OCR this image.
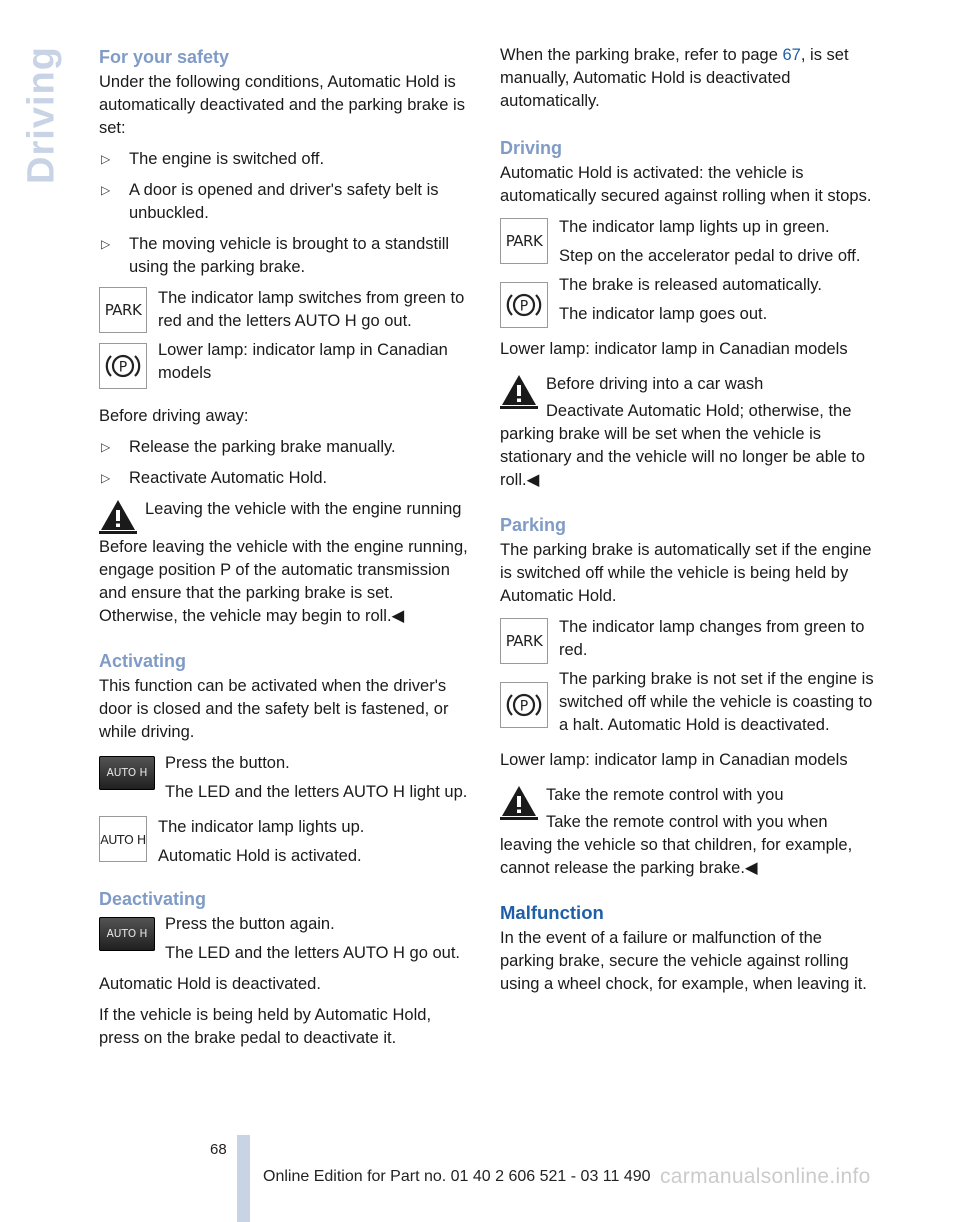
Driving For your safety

Under the following conditions, Automatic Hold is automatically deactivated and the parking brake is set:

▷ The engine is switched off.
▷ A door is opened and driver's safety belt is unbuckled.
▷ The moving vehicle is brought to a standstill using the parking brake.
PARK
P

The indicator lamp switches from green to red and the letters AUTO H go out.

Lower lamp: indicator lamp in Canadian models

Before driving away:

▷ Release the parking brake manually.
▷ Reactivate Automatic Hold.

Leaving the vehicle with the engine running

Before leaving the vehicle with the engine running, engage position P of the automatic transmission and ensure that the parking brake is set. Otherwise, the vehicle may begin to roll.◀

Activating

This function can be activated when the driver's door is closed and the safety belt is fastened, or while driving.

AUTO H

Press the button.

The LED and the letters AUTO H light up.

AUTO H

The indicator lamp lights up.

Automatic Hold is activated.

Deactivating
AUTO H

Press the button again.

The LED and the letters AUTO H go out.

Automatic Hold is deactivated.

If the vehicle is being held by Automatic Hold, press on the brake pedal to deactivate it.

When the parking brake, refer to page 67, is set manually, Automatic Hold is deactivated automatically.

Driving

Automatic Hold is activated: the vehicle is automatically secured against rolling when it stops.

PARK
P

The indicator lamp lights up in green.

Step on the accelerator pedal to drive off.

The brake is released automatically.

The indicator lamp goes out.

Lower lamp: indicator lamp in Canadian models

Before driving into a car wash

Deactivate Automatic Hold; otherwise, the parking brake will be set when the vehicle is stationary and the vehicle will no longer be able to roll.◀

Parking

The parking brake is automatically set if the engine is switched off while the vehicle is being held by Automatic Hold.

PARK
P

The indicator lamp changes from green to red.

The parking brake is not set if the engine is switched off while the vehicle is coasting to a halt. Automatic Hold is deactivated.

Lower lamp: indicator lamp in Canadian models

Take the remote control with you

Take the remote control with you when leaving the vehicle so that children, for example, cannot release the parking brake.◀

Malfunction

In the event of a failure or malfunction of the parking brake, secure the vehicle against rolling using a wheel chock, for example, when leaving it.

68
Online Edition for Part no. 01 40 2 606 521 - 03 11 490 carmanualsonline.info
